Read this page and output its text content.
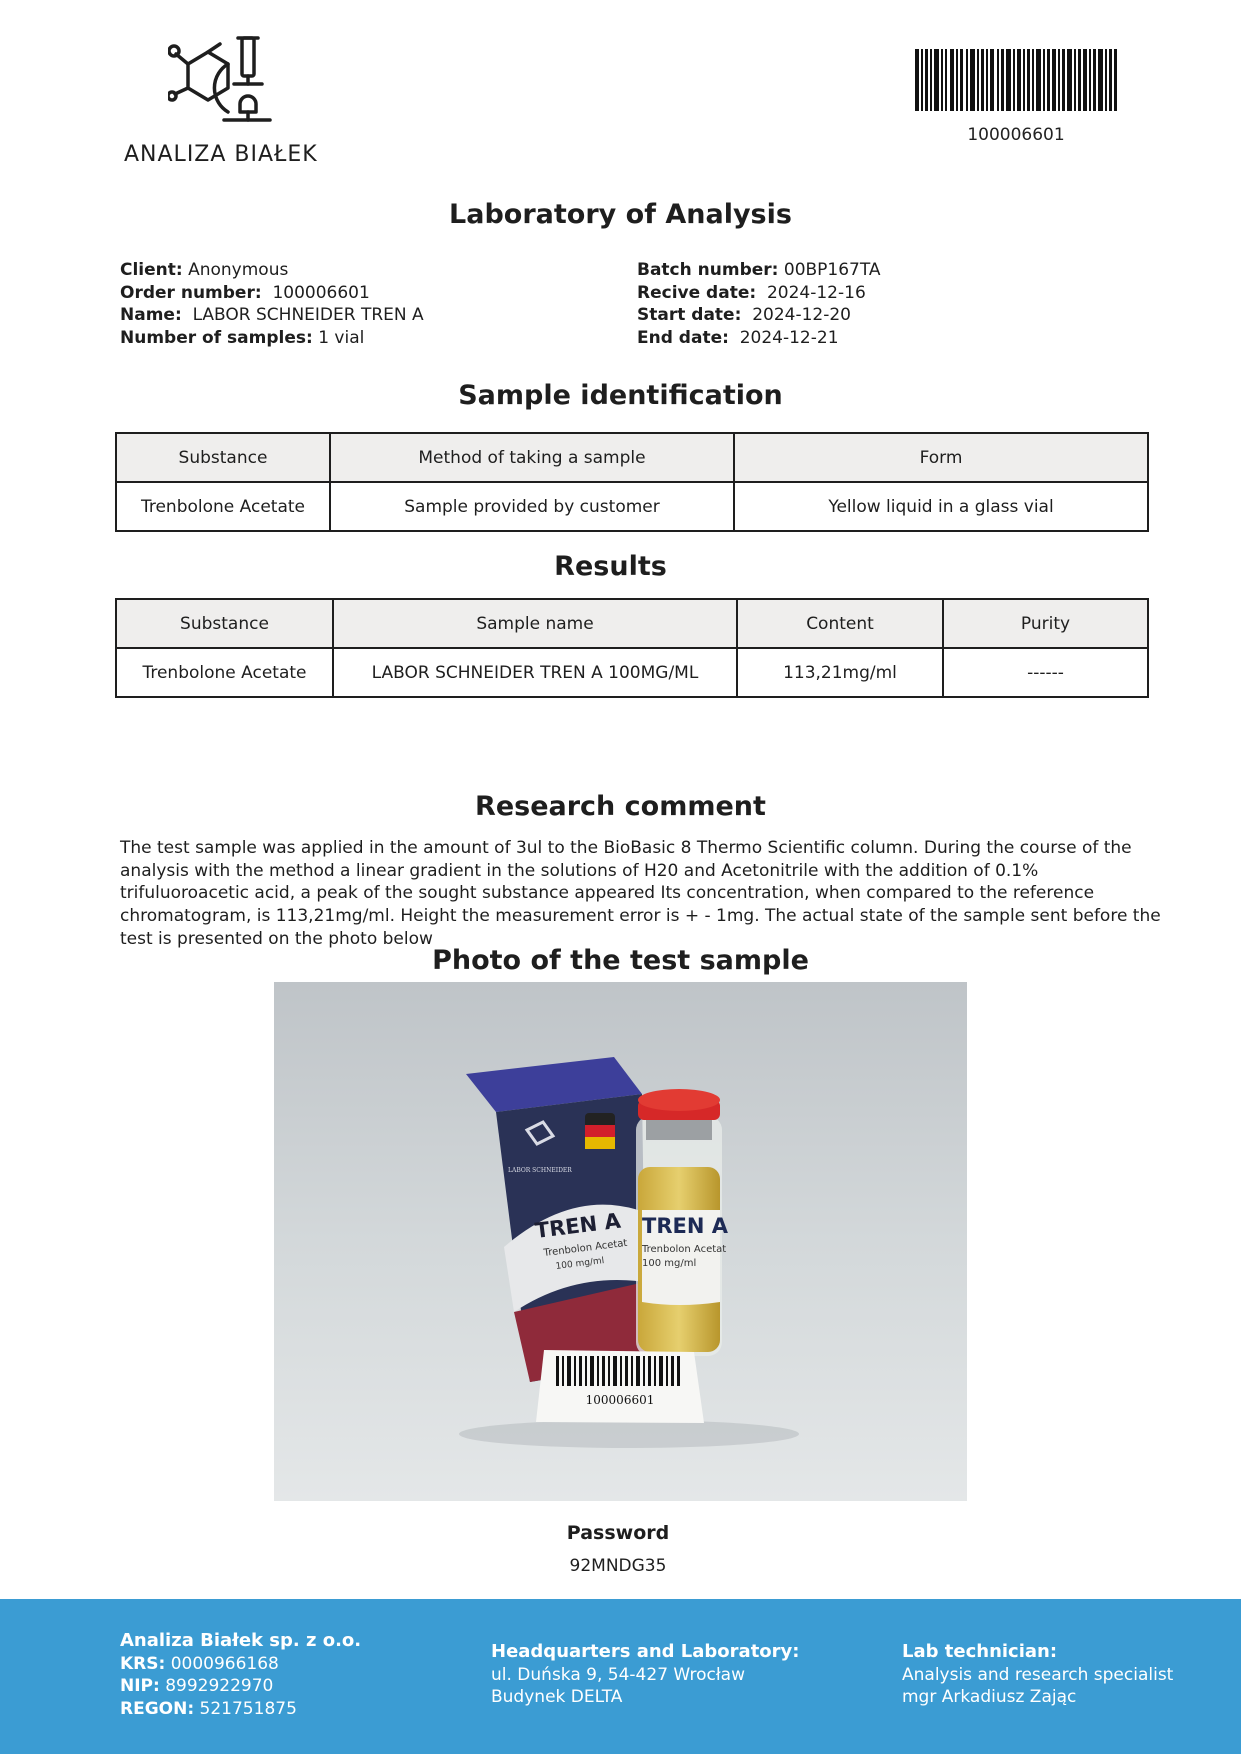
ANALIZA BIAŁEK
100006601
Laboratory of Analysis
Client: Anonymous
Order number: 100006601
Name: LABOR SCHNEIDER TREN A
Number of samples: 1 vial
Batch number: 00BP167TA
Recive date: 2024-12-16
Start date: 2024-12-20
End date: 2024-12-21
Sample identification
Substance	Method of taking a sample	Form
Trenbolone Acetate	Sample provided by customer	Yellow liquid in a glass vial
Results
Substance	Sample name	Content	Purity
Trenbolone Acetate	LABOR SCHNEIDER TREN A 100MG/ML	113,21mg/ml	------
Research comment

The test sample was applied in the amount of 3ul to the BioBasic 8 Thermo Scientific column. During the course of the analysis with the method a linear gradient in the solutions of H20 and Acetonitrile with the addition of 0.1% trifuluoroacetic acid, a peak of the sought substance appeared Its concentration, when compared to the reference chromatogram, is 113,21mg/ml. Height the measurement error is + - 1mg. The actual state of the sample sent before the test is presented on the photo below

Photo of the test sample
LABOR SCHNEIDER
TREN A
Trenbolon Acetat
100 mg/ml
TREN A
Trenbolon Acetat
100 mg/ml
100006601
Password
92MNDG35
Analiza Białek sp. z o.o.
KRS: 0000966168
NIP: 8992922970
REGON: 521751875
Headquarters and Laboratory:
ul. Duńska 9, 54-427 Wrocław
Budynek DELTA
Lab technician:
Analysis and research specialist
mgr Arkadiusz Zając
